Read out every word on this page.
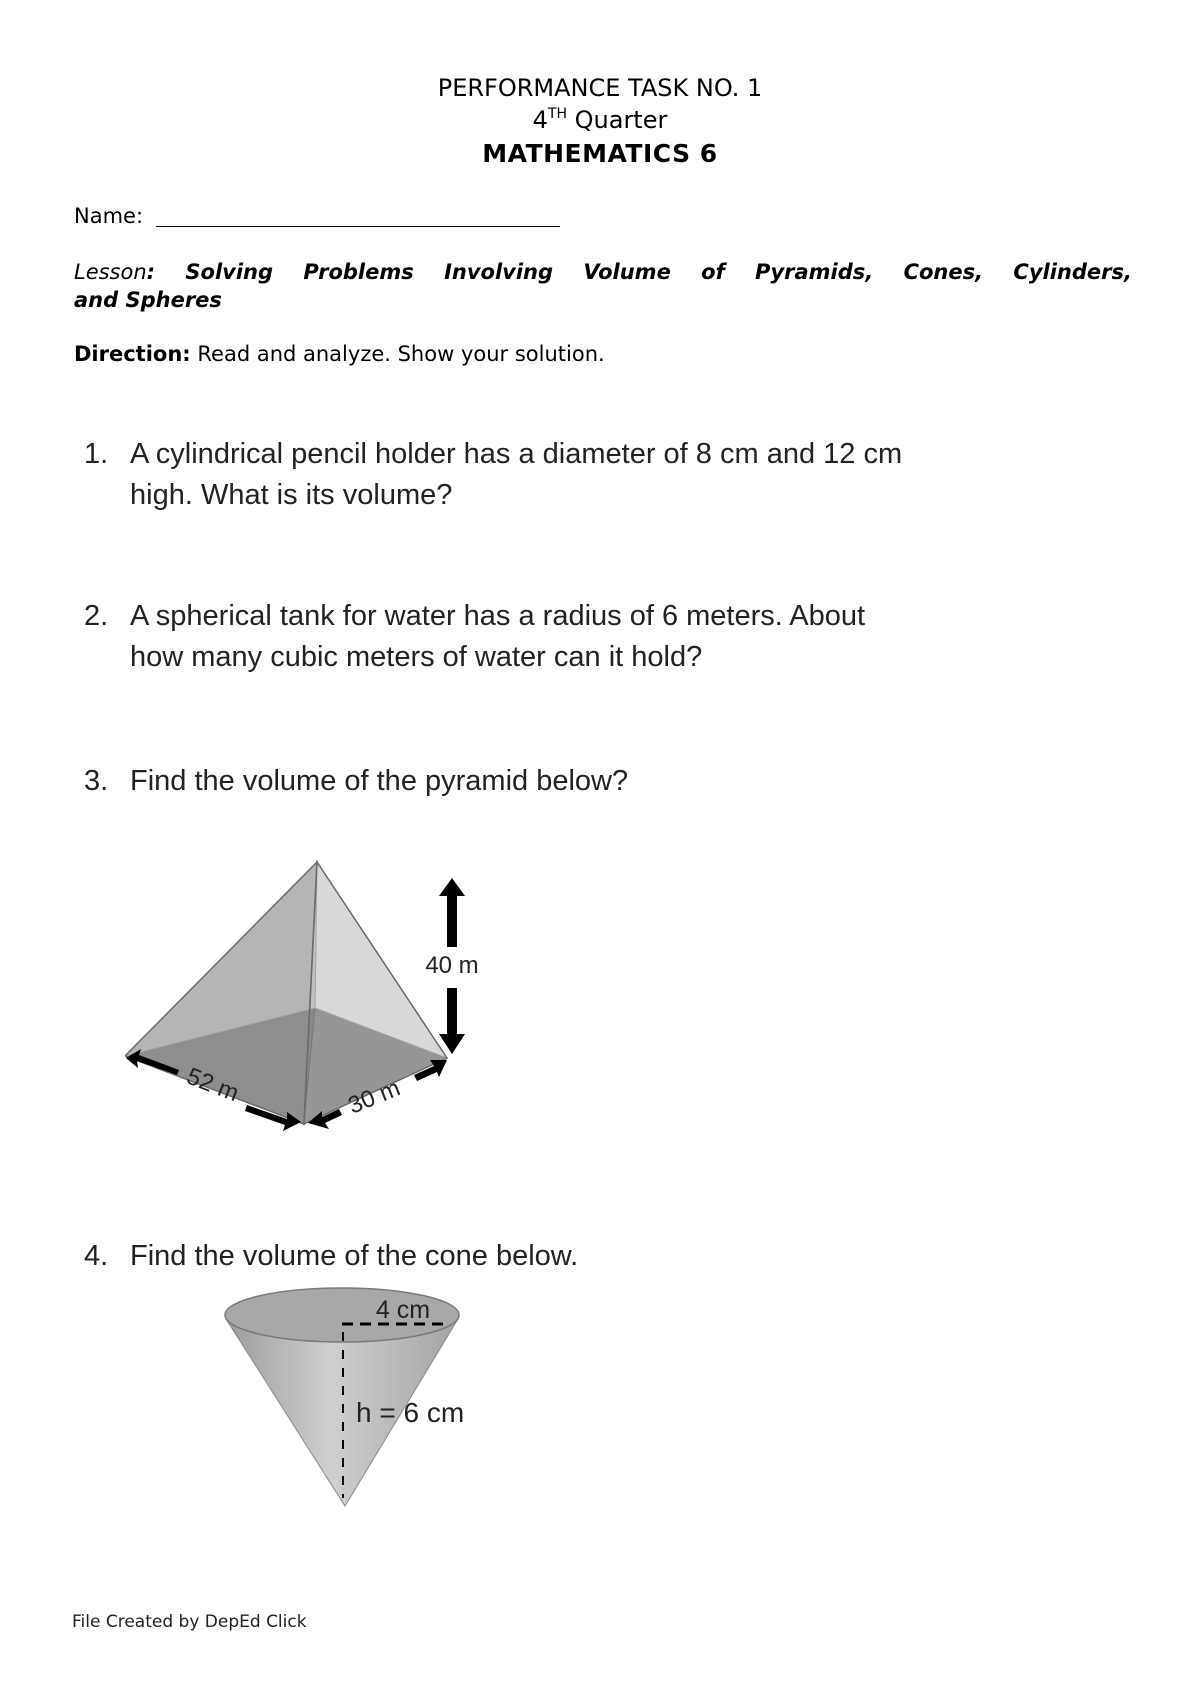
PERFORMANCE TASK NO. 1
4TH Quarter
MATHEMATICS 6
Name:
Lesson: Solving Problems Involving Volume of Pyramids, Cones, Cylinders,
and Spheres
Direction: Read and analyze. Show your solution.
1. A cylindrical pencil holder has a diameter of 8 cm and 12 cm
high. What is its volume?
2. A spherical tank for water has a radius of 6 meters. About
how many cubic meters of water can it hold?
3. Find the volume of the pyramid below?
40 m
52 m	30 m
4. Find the volume of the cone below.
4 cm
h = 6 cm
File Created by DepEd Click
